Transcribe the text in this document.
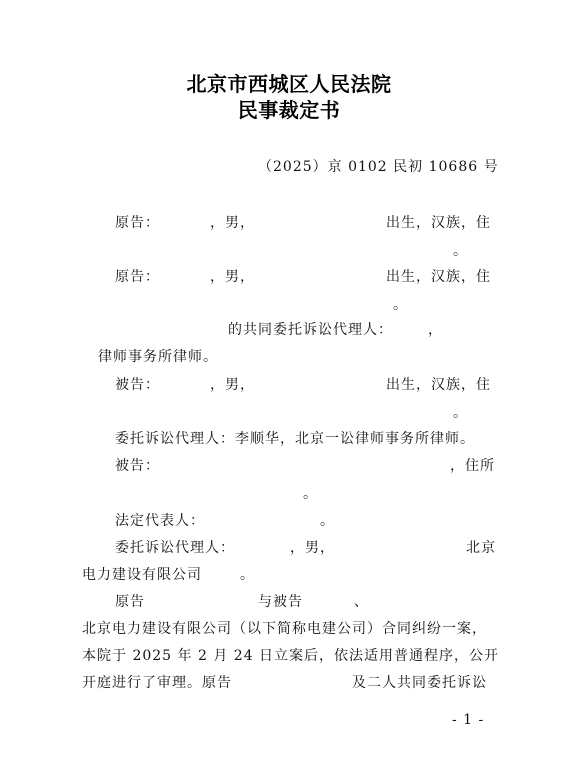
北京市西城区人民法院
民事裁定书
（2025）京 0102 民初 10686 号
原告：	，男，	出生，汉族，住
。
原告：	，男，	出生，汉族，住
。
的共同委托诉讼代理人：	，
律师事务所律师。
被告：	，男，	出生，汉族，住
。
委托诉讼代理人：李顺华，北京一讼律师事务所律师。
被告：	，住所
。
法定代表人：	。
委托诉讼代理人：	，男，	北京
电力建设有限公司	。
原告	与被告	、
北京电力建设有限公司（以下简称电建公司）合同纠纷一案，
本院于 2025 年 2 月 24 日立案后，依法适用普通程序，公开
开庭进行了审理。原告	及二人共同委托诉讼
- 1 -
